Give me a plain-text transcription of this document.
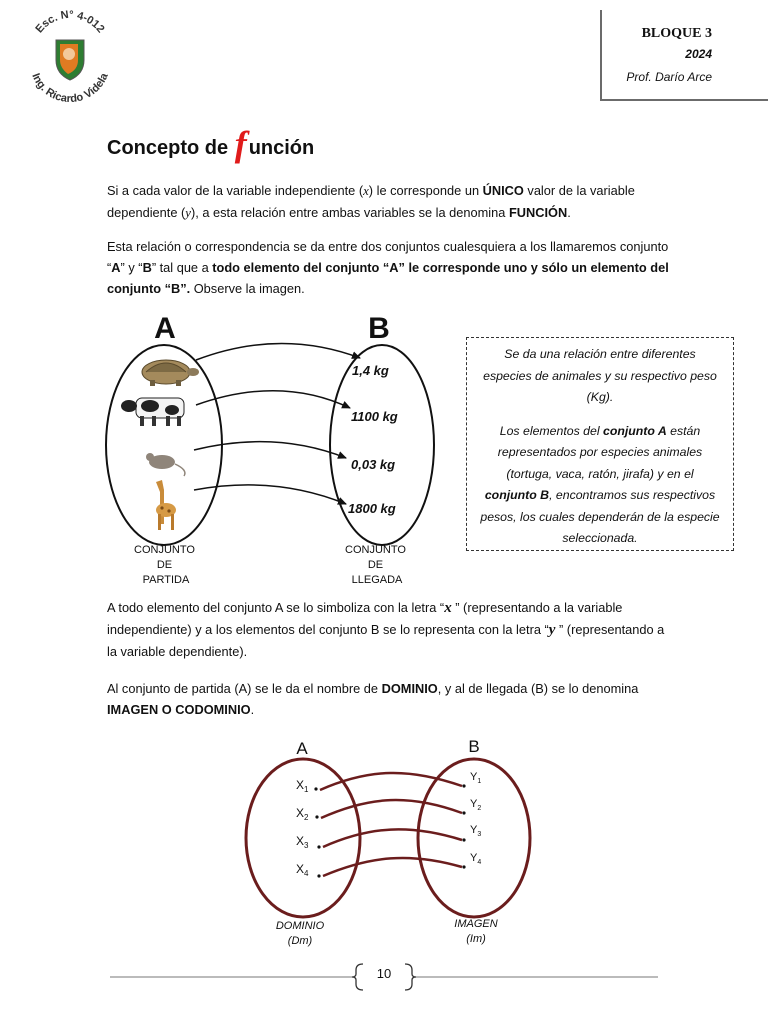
Esc. N° 4-012
Ing. Ricardo Videla
BLOQUE 3
2024
Prof. Darío Arce
Concepto de f unción
Si a cada valor de la variable independiente (x) le corresponde un ÚNICO valor de la variable dependiente (y), a esta relación entre ambas variables se la denomina FUNCIÓN.
Esta relación o correspondencia se da entre dos conjuntos cualesquiera a los llamaremos conjunto “A” y “B” tal que a todo elemento del conjunto “A” le corresponde uno y sólo un elemento del conjunto “B”. Observe la imagen.
A	B
1,4 kg
1100 kg
0,03 kg
1800 kg
CONJUNTO DE PARTIDA
CONJUNTO DE LLEGADA

Se da una relación entre diferentes especies de animales y su respectivo peso (Kg).

Los elementos del conjunto A están representados por especies animales (tortuga, vaca, ratón, jirafa) y en el conjunto B, encontramos sus respectivos pesos, los cuales dependerán de la especie seleccionada.

A todo elemento del conjunto A se lo simboliza con la letra “x ” (representando a la variable independiente) y a los elementos del conjunto B se lo representa con la letra “y ” (representando a la variable dependiente).
Al conjunto de partida (A) se le da el nombre de DOMINIO, y al de llegada (B) se lo denomina IMAGEN O CODOMINIO.
A	B
$X_1$
$X_2$
$X_3$
$X_4$
$Y_1$
$Y_2$
$Y_3$
$Y_4$
DOMINIO
(Dm)
IMAGEN
(Im)
10
